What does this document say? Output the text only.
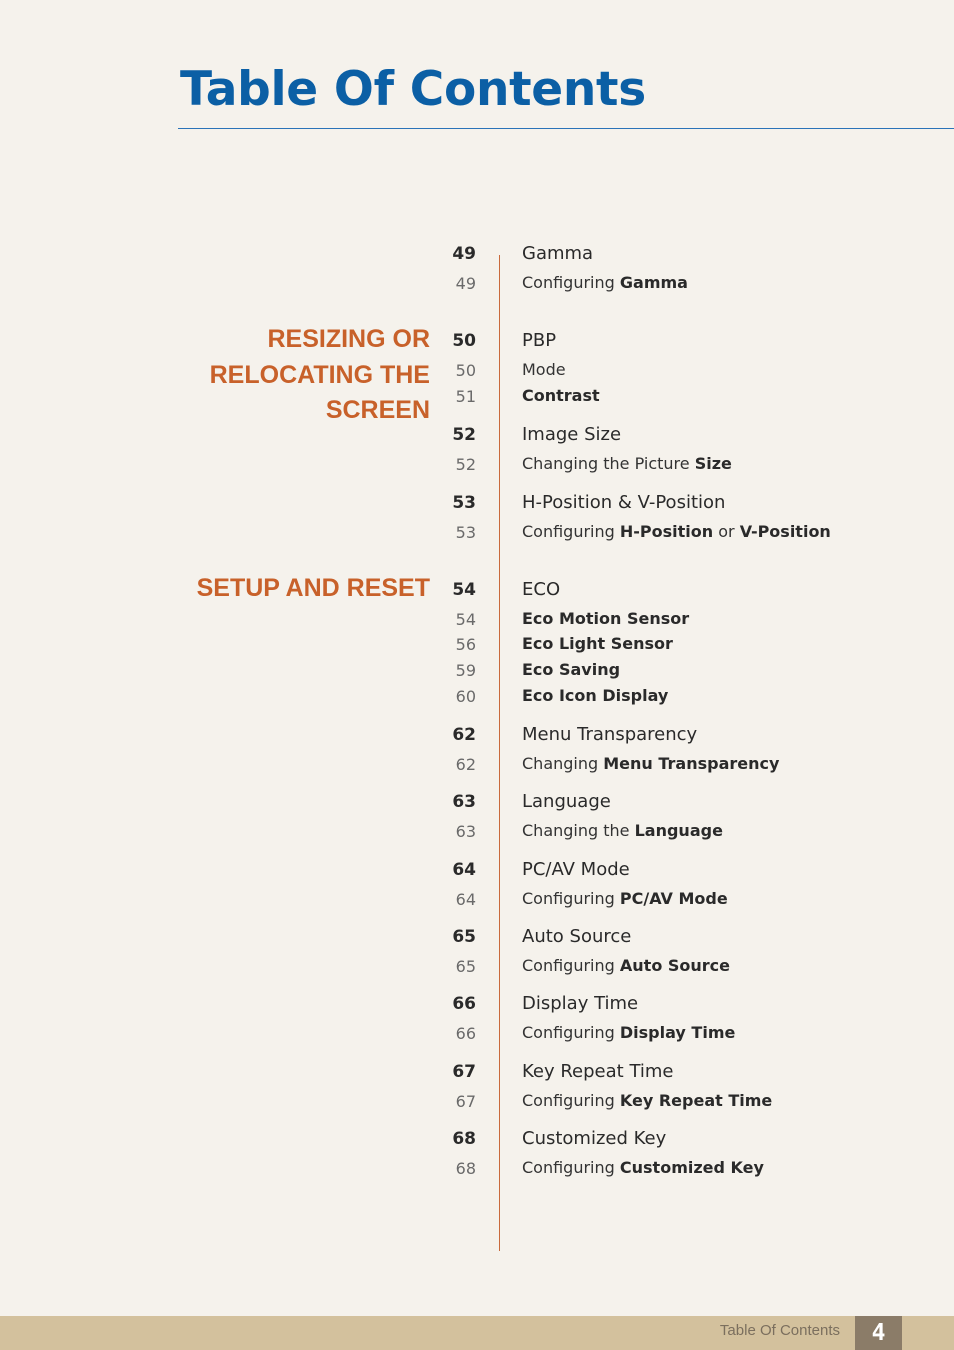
Table Of Contents
RESIZING OR
RELOCATING THE
SCREEN
SETUP AND RESET
49	Gamma
49	Configuring Gamma
50	PBP
50	Mode
51	Contrast
52	Image Size
52	Changing the Picture Size
53	H-Position & V-Position
53	Configuring H-Position or V-Position
54	ECO
54	Eco Motion Sensor
56	Eco Light Sensor
59	Eco Saving
60	Eco Icon Display
62	Menu Transparency
62	Changing Menu Transparency
63	Language
63	Changing the Language
64	PC/AV Mode
64	Configuring PC/AV Mode
65	Auto Source
65	Configuring Auto Source
66	Display Time
66	Configuring Display Time
67	Key Repeat Time
67	Configuring Key Repeat Time
68	Customized Key
68	Configuring Customized Key
Table Of Contents	4
